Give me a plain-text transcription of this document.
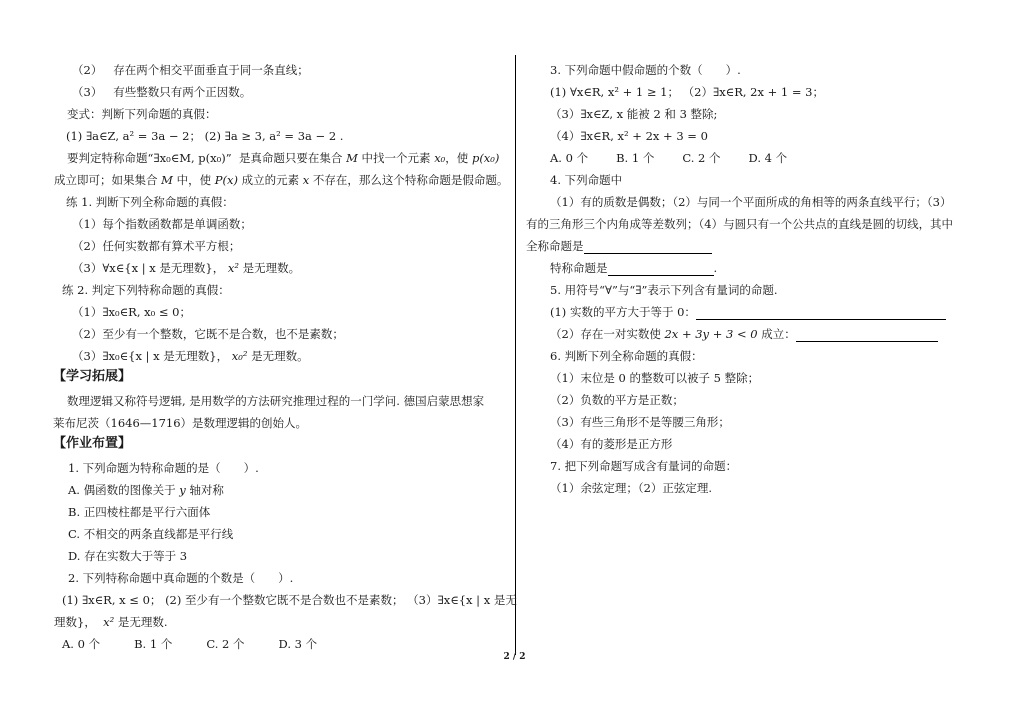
（2） 存在两个相交平面垂直于同一条直线；
（3） 有些整数只有两个正因数。
变式：判断下列命题的真假：
(1) ∃a∈Z, a² = 3a − 2； (2) ∃a ≥ 3, a² = 3a − 2 .
要判定特称命题“∃x₀∈M, p(x₀)” 是真命题只要在集合 M 中找一个元素 x₀，使 p(x₀)
成立即可；如果集合 M 中，使 P(x) 成立的元素 x 不存在，那么这个特称命题是假命题。
练 1. 判断下列全称命题的真假：
（1）每个指数函数都是单调函数；
（2）任何实数都有算术平方根；
（3）∀x∈{x | x 是无理数}， x² 是无理数。
练 2. 判定下列特称命题的真假：
（1）∃x₀∈R, x₀ ≤ 0；
（2）至少有一个整数，它既不是合数，也不是素数；
（3）∃x₀∈{x | x 是无理数}， x₀² 是无理数。
【学习拓展】
数理逻辑又称符号逻辑, 是用数学的方法研究推理过程的一门学问. 德国启蒙思想家
莱布尼茨（1646—1716）是数理逻辑的创始人。
【作业布置】
1. 下列命题为特称命题的是（　　）.
A. 偶函数的图像关于 y 轴对称
B. 正四棱柱都是平行六面体
C. 不相交的两条直线都是平行线
D. 存在实数大于等于 3
2. 下列特称命题中真命题的个数是（　　）.
(1) ∃x∈R, x ≤ 0； (2) 至少有一个整数它既不是合数也不是素数； （3）∃x∈{x | x 是无
理数}， x² 是无理数.
A. 0 个	B. 1 个	C. 2 个	D. 3 个
3. 下列命题中假命题的个数（　　）.
(1) ∀x∈R, x² + 1 ≥ 1； （2）∃x∈R, 2x + 1 = 3；
（3）∃x∈Z, x 能被 2 和 3 整除;
（4）∃x∈R, x² + 2x + 3 = 0
A. 0 个 B. 1 个 C. 2 个 D. 4 个
4. 下列命题中
（1）有的质数是偶数；（2）与同一个平面所成的角相等的两条直线平行；（3）
有的三角形三个内角成等差数列；（4）与圆只有一个公共点的直线是圆的切线，其中
全称命题是
特称命题是	.
5. 用符号“∀”与“∃”表示下列含有量词的命题.
(1) 实数的平方大于等于 0：
（2）存在一对实数使 2x + 3y + 3 < 0 成立：
6. 判断下列全称命题的真假：
（1）末位是 0 的整数可以被子 5 整除；
（2）负数的平方是正数；
（3）有些三角形不是等腰三角形；
（4）有的菱形是正方形
7. 把下列命题写成含有量词的命题：
（1）余弦定理；（2）正弦定理.
2 / 2
